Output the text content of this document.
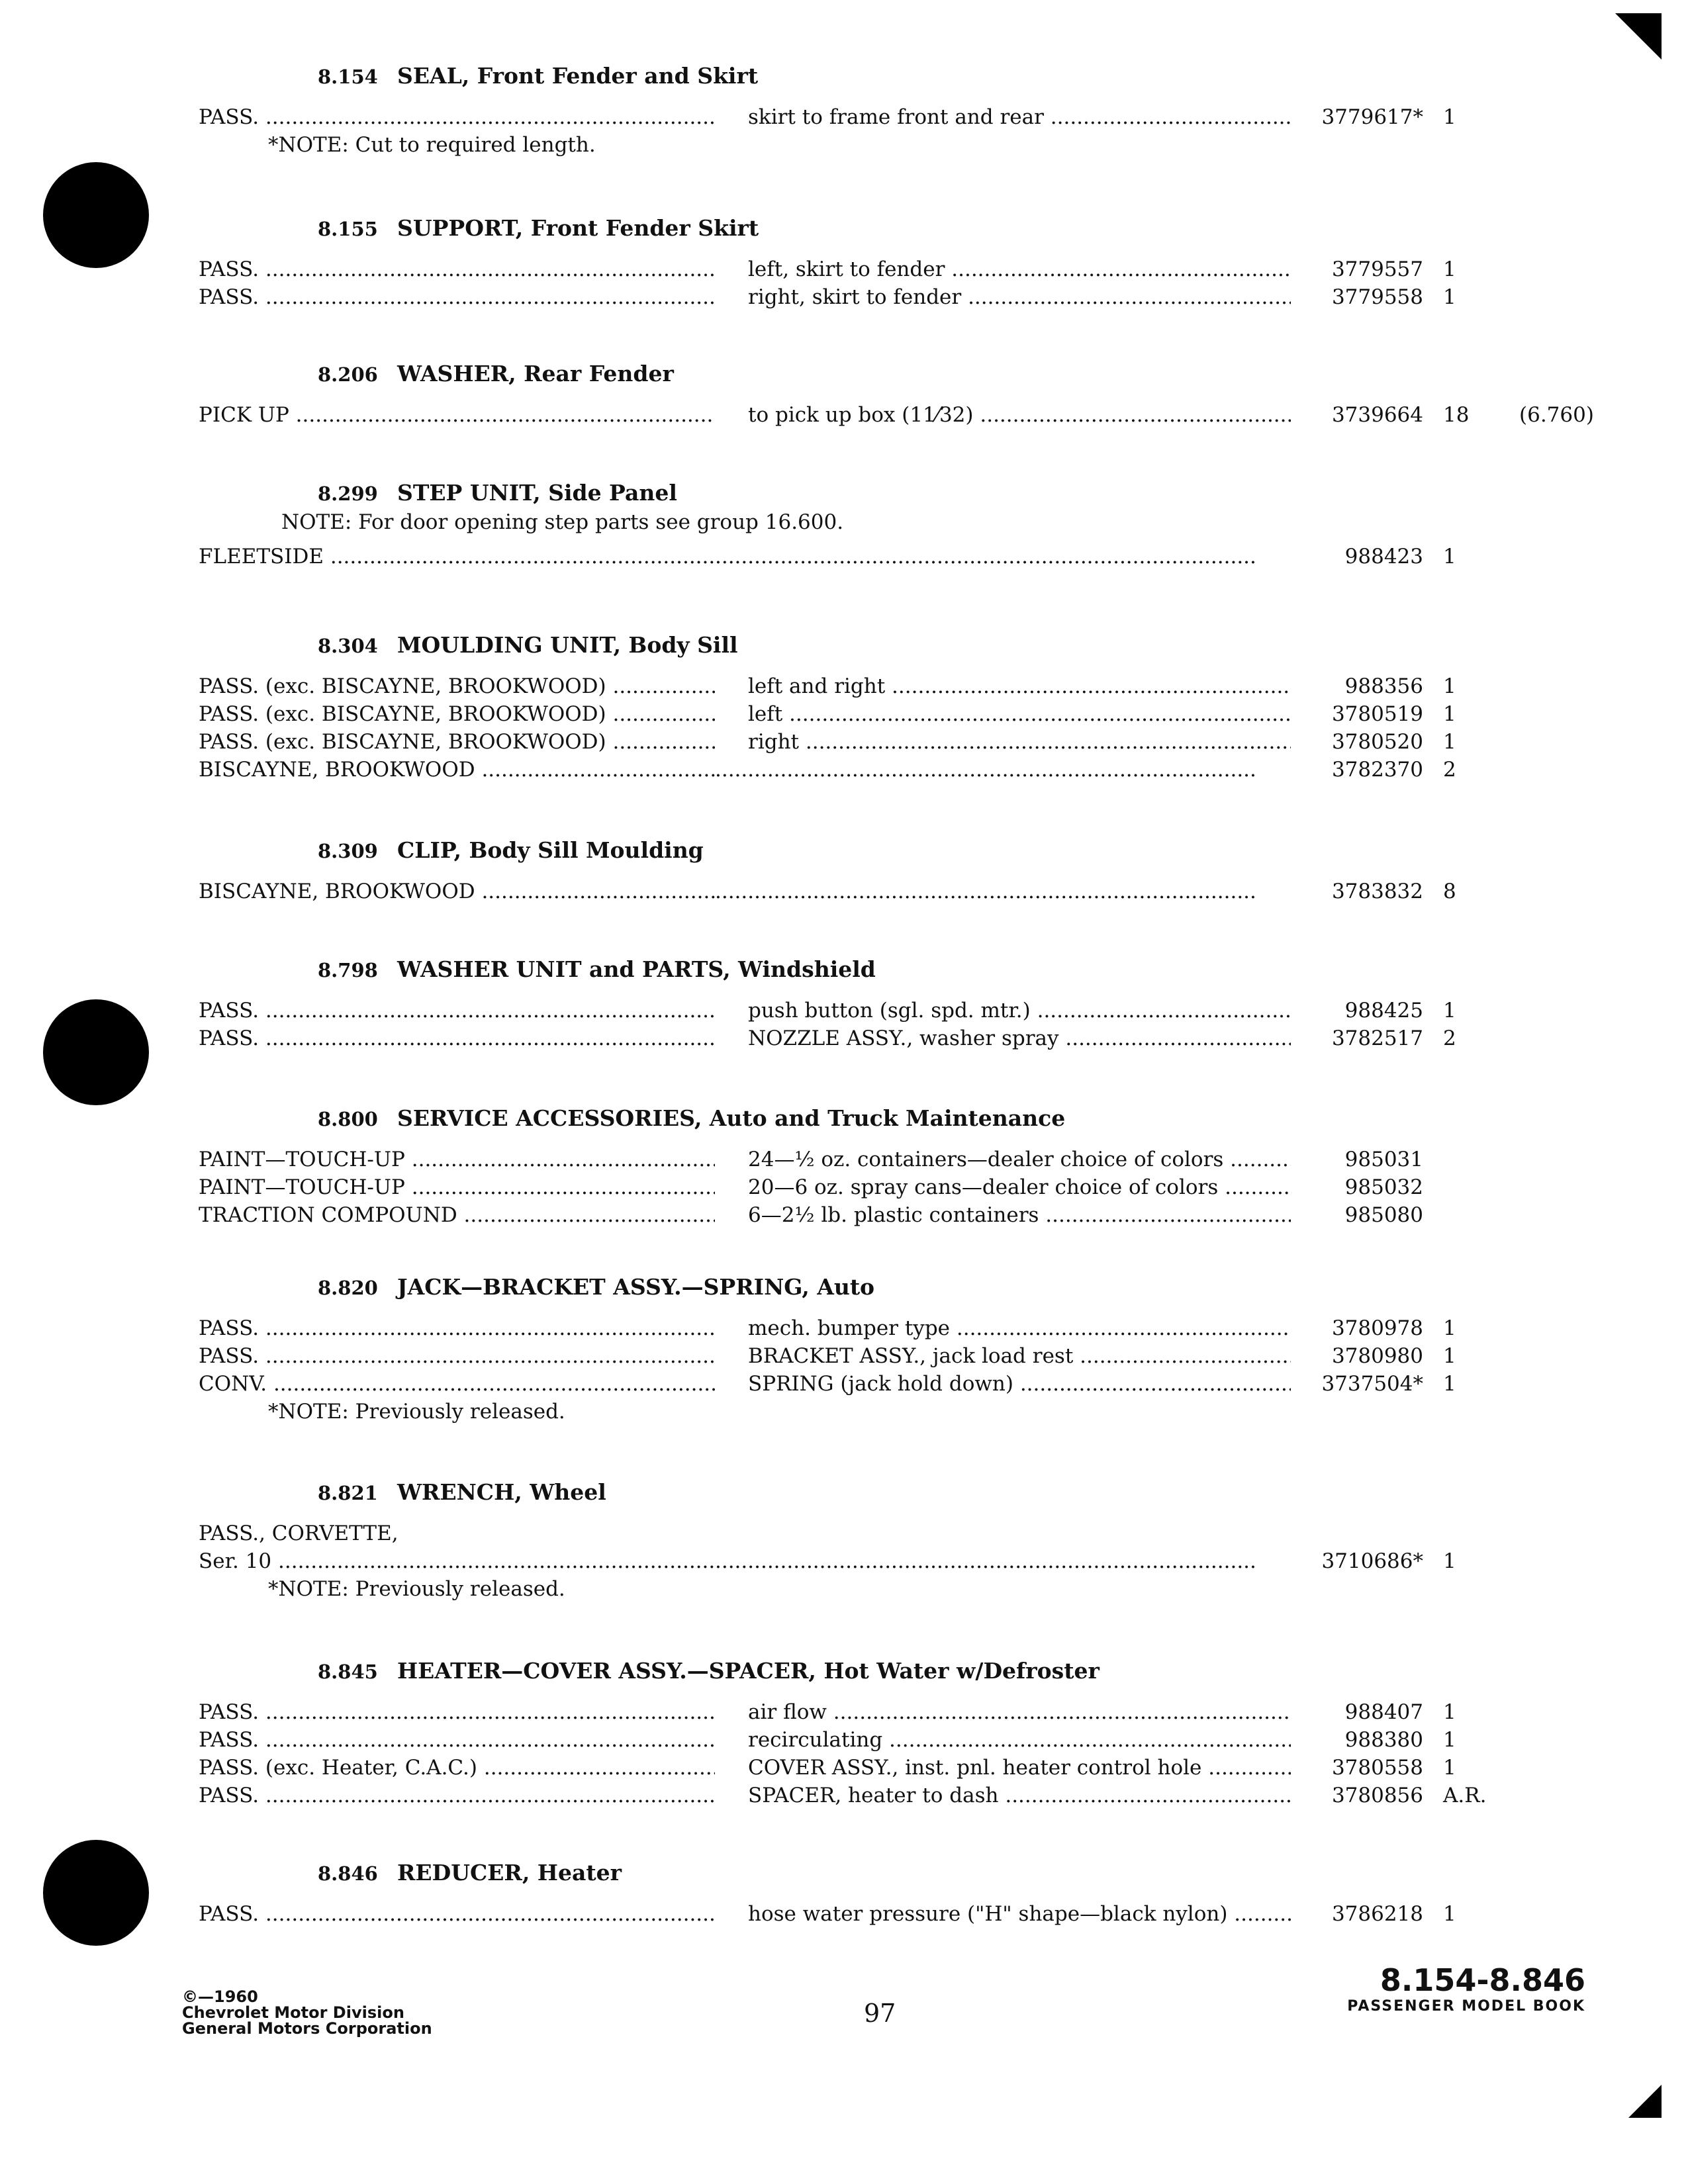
8.154 SEAL, Front Fender and Skirt
PASS. .....	skirt to frame front and rear .....	3779617* 1
*NOTE: Cut to required length.
8.155 SUPPORT, Front Fender Skirt
PASS. .....	left, skirt to fender .....	3779557 1
PASS. .....	right, skirt to fender .....	3779558 1
8.206 WASHER, Rear Fender
PICK UP .....	to pick up box (11⁄32) .....	3739664 18	(6.760)
8.299 STEP UNIT, Side Panel
NOTE: For door opening step parts see group 16.600.
FLEETSIDE ..... .....	988423 1
8.304 MOULDING UNIT, Body Sill
PASS. (exc. BISCAYNE, BROOKWOOD) .....	left and right .....	988356 1
PASS. (exc. BISCAYNE, BROOKWOOD) .....	left .....	3780519 1
PASS. (exc. BISCAYNE, BROOKWOOD) .....	right .....	3780520 1
BISCAYNE, BROOKWOOD ..... .....	3782370 2
8.309 CLIP, Body Sill Moulding
BISCAYNE, BROOKWOOD ..... .....	3783832 8
8.798 WASHER UNIT and PARTS, Windshield
PASS. .....	push button (sgl. spd. mtr.) .....	988425 1
PASS. .....	NOZZLE ASSY., washer spray .....	3782517 2
8.800 SERVICE ACCESSORIES, Auto and Truck Maintenance
PAINT—TOUCH-UP .....	24—½ oz. containers—dealer choice of colors .....	985031
PAINT—TOUCH-UP .....	20—6 oz. spray cans—dealer choice of colors .....	985032
TRACTION COMPOUND .....	6—2½ lb. plastic containers .....	985080
8.820 JACK—BRACKET ASSY.—SPRING, Auto
PASS. .....	mech. bumper type .....	3780978 1
PASS. .....	BRACKET ASSY., jack load rest .....	3780980 1
CONV. .....	SPRING (jack hold down) .....	3737504* 1
*NOTE: Previously released.
8.821 WRENCH, Wheel
PASS., CORVETTE,
Ser. 10 ..... .....	3710686* 1
*NOTE: Previously released.
8.845 HEATER—COVER ASSY.—SPACER, Hot Water w/Defroster
PASS. .....	air flow .....	988407 1
PASS. .....	recirculating .....	988380 1
PASS. (exc. Heater, C.A.C.) .....	COVER ASSY., inst. pnl. heater control hole .....	3780558 1
PASS. .....	SPACER, heater to dash .....	3780856 A.R.
8.846 REDUCER, Heater
PASS. .....	hose water pressure ("H" shape—black nylon) .....	3786218 1
©—1960
Chevrolet Motor Division
General Motors Corporation
97
8.154-8.846
PASSENGER MODEL BOOK
